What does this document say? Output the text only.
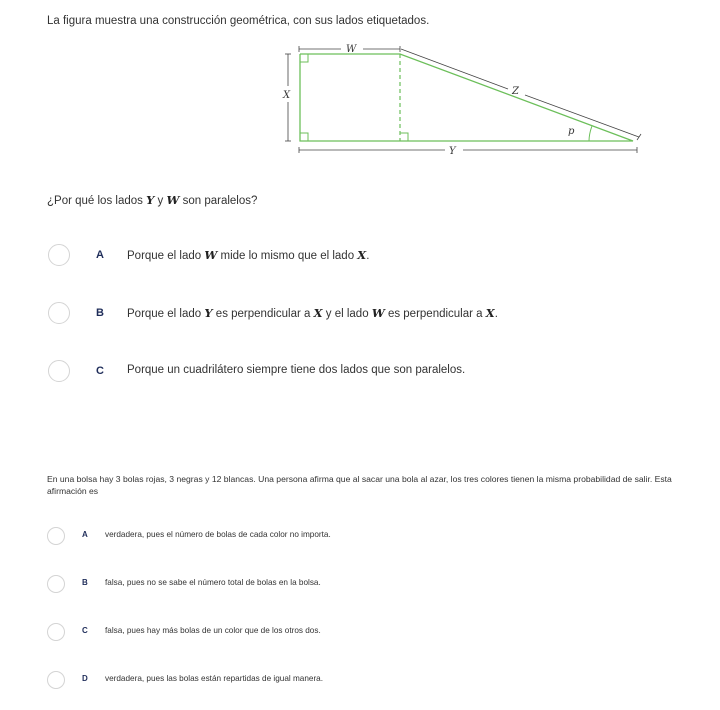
La figura muestra una construcción geométrica, con sus lados etiquetados.

W
X
p
Z
Y

¿Por qué los lados Y y W son paralelos?

A Porque el lado W mide lo mismo que el lado X.
B Porque el lado Y es perpendicular a X y el lado W es perpendicular a X.
C Porque un cuadrilátero siempre tiene dos lados que son paralelos.

En una bolsa hay 3 bolas rojas, 3 negras y 12 blancas. Una persona afirma que al sacar una bola al azar, los tres colores tienen la misma probabilidad de salir. Esta afirmación es

A verdadera, pues el número de bolas de cada color no importa.
B falsa, pues no se sabe el número total de bolas en la bolsa.
C falsa, pues hay más bolas de un color que de los otros dos.
D verdadera, pues las bolas están repartidas de igual manera.
